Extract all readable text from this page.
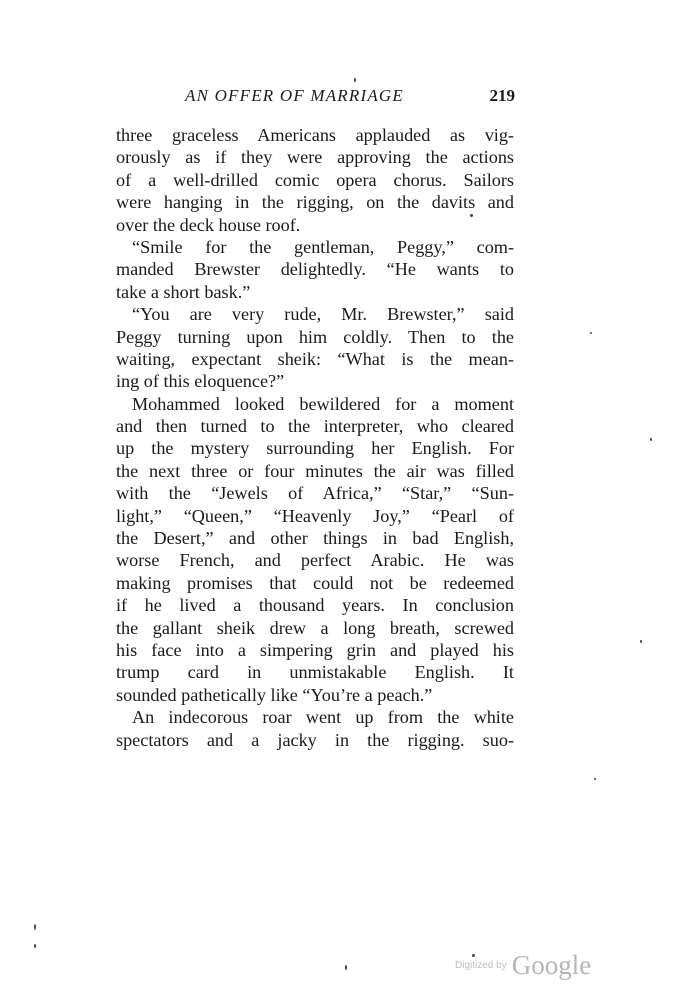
AN OFFER OF MARRIAGE	219
three graceless Americans applauded as vig-
orously as if they were approving the actions
of a well-drilled comic opera chorus. Sailors
were hanging in the rigging, on the davits and
over the deck house roof.
“Smile for the gentleman, Peggy,” com-
manded Brewster delightedly. “He wants to
take a short bask.”
“You are very rude, Mr. Brewster,” said
Peggy turning upon him coldly. Then to the
waiting, expectant sheik: “What is the mean-
ing of this eloquence?”
Mohammed looked bewildered for a moment
and then turned to the interpreter, who cleared
up the mystery surrounding her English. For
the next three or four minutes the air was filled
with the “Jewels of Africa,” “Star,” “Sun-
light,” “Queen,” “Heavenly Joy,” “Pearl of
the Desert,” and other things in bad English,
worse French, and perfect Arabic. He was
making promises that could not be redeemed
if he lived a thousand years. In conclusion
the gallant sheik drew a long breath, screwed
his face into a simpering grin and played his
trump card in unmistakable English. It
sounded pathetically like “You’re a peach.”
An indecorous roar went up from the white
spectators and a jacky in the rigging. suo-
Digitized by Google
